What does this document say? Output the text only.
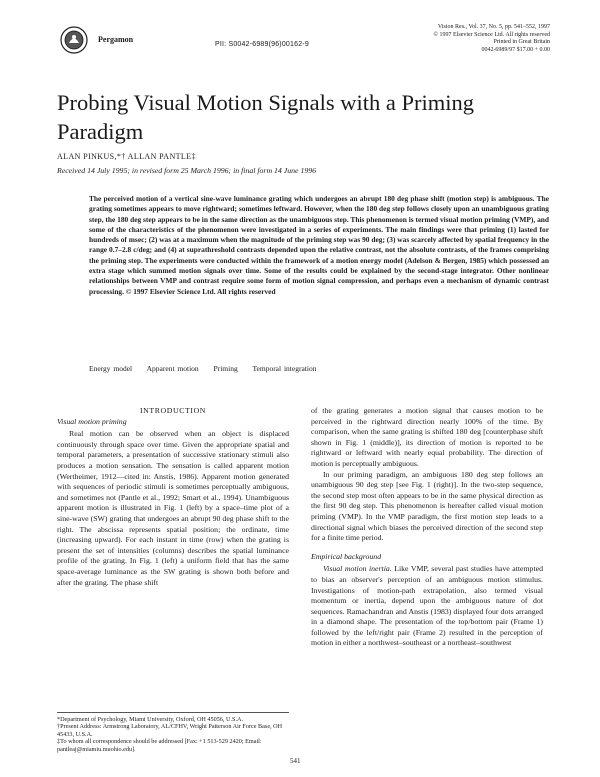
Pergamon
PII: S0042-6989(96)00162-9
Vision Res., Vol. 37, No. 5, pp. 541–552, 1997
© 1997 Elsevier Science Ltd. All rights reserved
Printed in Great Britain
0042-6989/97 $17.00 + 0.00
Probing Visual Motion Signals with a Priming Paradigm
ALAN PINKUS,*† ALLAN PANTLE‡
Received 14 July 1995; in revised form 25 March 1996; in final form 14 June 1996
The perceived motion of a vertical sine-wave luminance grating which undergoes an abrupt 180 deg phase shift (motion step) is ambiguous. The grating sometimes appears to move rightward; sometimes leftward. However, when the 180 deg step follows closely upon an unambiguous grating step, the 180 deg step appears to be in the same direction as the unambiguous step. This phenomenon is termed visual motion priming (VMP), and some of the characteristics of the phenomenon were investigated in a series of experiments. The main findings were that priming (1) lasted for hundreds of msec; (2) was at a maximum when the magnitude of the priming step was 90 deg; (3) was scarcely affected by spatial frequency in the range 0.7–2.8 c/deg; and (4) at suprathreshold contrasts depended upon the relative contrast, not the absolute contrasts, of the frames comprising the priming step. The experiments were conducted within the framework of a motion energy model (Adelson & Bergen, 1985) which possessed an extra stage which summed motion signals over time. Some of the results could be explained by the second-stage integrator. Other nonlinear relationships between VMP and contrast require some form of motion signal compression, and perhaps even a mechanism of dynamic contrast processing. © 1997 Elsevier Science Ltd. All rights reserved
Energy model Apparent motion Priming Temporal integration

INTRODUCTION

Visual motion priming

Real motion can be observed when an object is displaced continuously through space over time. Given the appropriate spatial and temporal parameters, a presentation of successive stationary stimuli also produces a motion sensation. The sensation is called apparent motion (Wertheimer, 1912—cited in: Anstis, 1986). Apparent motion generated with sequences of periodic stimuli is sometimes perceptually ambiguous, and sometimes not (Pantle et al., 1992; Smart et al., 1994). Unambiguous apparent motion is illustrated in Fig. 1 (left) by a space–time plot of a sine-wave (SW) grating that undergoes an abrupt 90 deg phase shift to the right. The abscissa represents spatial position; the ordinate, time (increasing upward). For each instant in time (row) when the grating is present the set of intensities (columns) describes the spatial luminance profile of the grating. In Fig. 1 (left) a uniform field that has the same space-average luminance as the SW grating is shown both before and after the grating. The phase shift

of the grating generates a motion signal that causes motion to be perceived in the rightward direction nearly 100% of the time. By comparison, when the same grating is shifted 180 deg [counterphase shift shown in Fig. 1 (middle)], its direction of motion is reported to be rightward or leftward with nearly equal probability. The direction of motion is perceptually ambiguous.

In our priming paradigm, an ambiguous 180 deg step follows an unambiguous 90 deg step [see Fig. 1 (right)]. In the two-step sequence, the second step most often appears to be in the same physical direction as the first 90 deg step. This phenomenon is hereafter called visual motion priming (VMP). In the VMP paradigm, the first motion step leads to a directional signal which biases the perceived direction of the second step for a finite time period.

Empirical background

Visual motion inertia. Like VMP, several past studies have attempted to bias an observer's perception of an ambiguous motion stimulus. Investigations of motion-path extrapolation, also termed visual momentum or inertia, depend upon the ambiguous nature of dot sequences. Ramachandran and Anstis (1983) displayed four dots arranged in a diamond shape. The presentation of the top/bottom pair (Frame 1) followed by the left/right pair (Frame 2) resulted in the perception of motion in either a northwest–southeast or a northeast–southwest

*Department of Psychology, Miami University, Oxford, OH 45056, U.S.A.

†Present Address: Armstrong Laboratory, AL/CFHV, Wright Patterson Air Force Base, OH 45433, U.S.A.

‡To whom all correspondence should be addressed [Fax: +1 513-529 2420; Email: pantleaj@miamiu.muohio.edu].

541
